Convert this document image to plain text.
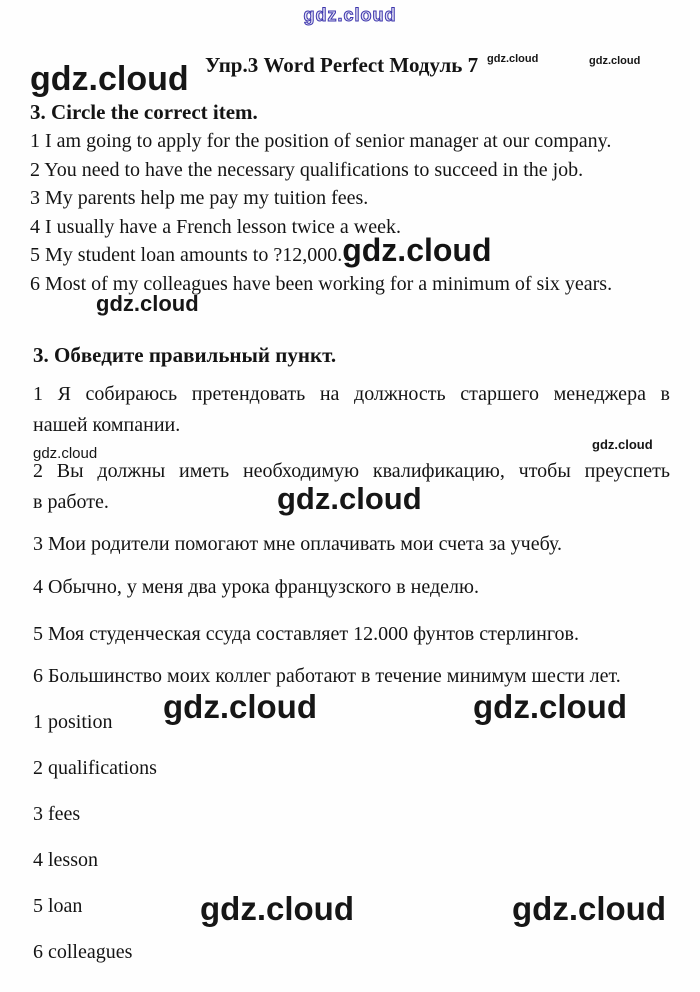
gdz.cloud
Упр.3 Word Perfect Модуль 7 gdz.cloud	gdz.cloud
gdz.cloud
3. Circle the correct item.
1 I am going to apply for the position of senior manager at our company.
2 You need to have the necessary qualifications to succeed in the job.
3 My parents help me pay my tuition fees.
4 I usually have a French lesson twice a week.
5 My student loan amounts to ?12,000.gdz.cloud
6 Most of my colleagues have been working for a minimum of six years.
gdz.cloud
3. Обведите правильный пункт.
1 Я собираюсь претендовать на должность старшего менеджера в
нашей компании.
gdz.cloud
gdz.cloud
2 Вы должны иметь необходимую квалификацию, чтобы преуспеть
в работе.	gdz.cloud
3 Мои родители помогают мне оплачивать мои счета за учебу.
4 Обычно, у меня два урока французского в неделю.
5 Моя студенческая ссуда составляет 12.000 фунтов стерлингов.
6 Большинство моих коллег работают в течение минимум шести лет.
gdz.cloud	gdz.cloud
1 position
2 qualifications
3 fees
4 lesson
5 loan
6 colleagues
gdz.cloud	gdz.cloud
